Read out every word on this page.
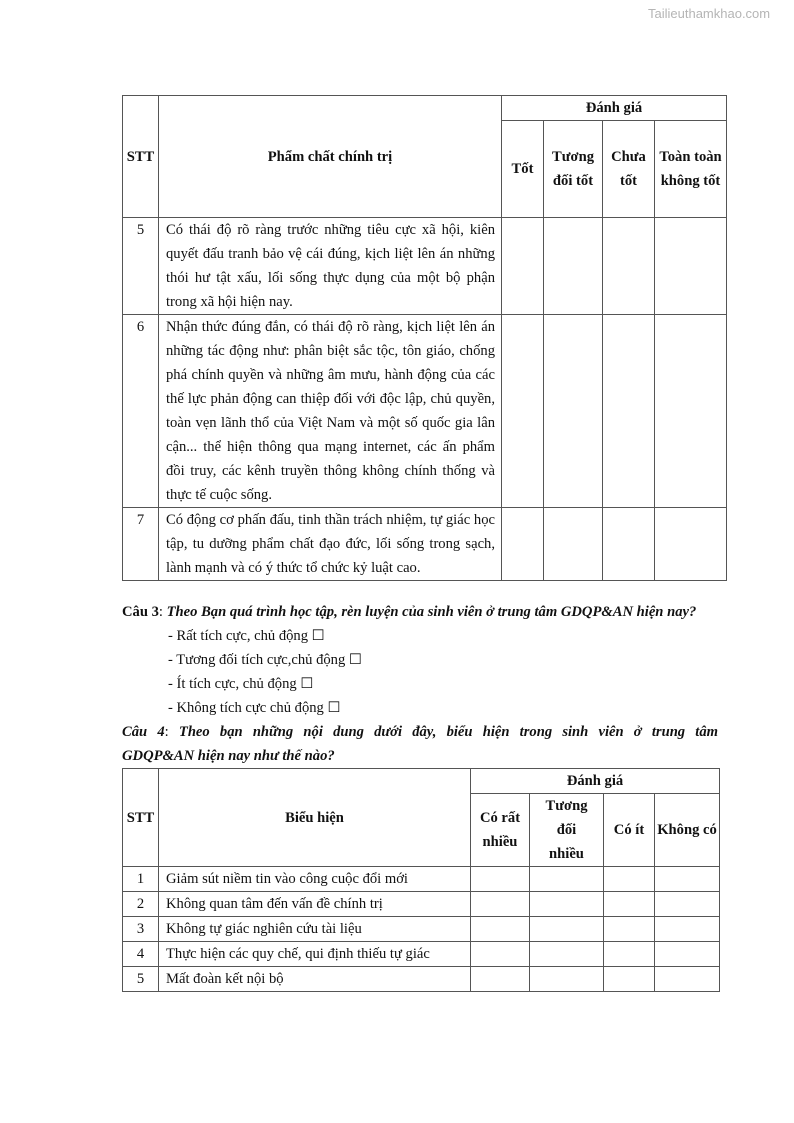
Tailieuthamkhao.com
STT	Phẩm chất chính trị	Đánh giá			
		Tốt	Tương đối tốt	Chưa tốt	Toàn toàn không tốt
5	Có thái độ rõ ràng trước những tiêu cực xã hội, kiên quyết đấu tranh bảo vệ cái đúng, kịch liệt lên án những thói hư tật xấu, lối sống thực dụng của một bộ phận trong xã hội hiện nay.				
6	Nhận thức đúng đắn, có thái độ rõ ràng, kịch liệt lên án những tác động như: phân biệt sắc tộc, tôn giáo, chống phá chính quyền và những âm mưu, hành động của các thế lực phản động can thiệp đối với độc lập, chủ quyền, toàn vẹn lãnh thổ của Việt Nam và một số quốc gia lân cận... thể hiện thông qua mạng internet, các ấn phẩm đồi truy, các kênh truyền thông không chính thống và thực tế cuộc sống.				
7	Có động cơ phấn đấu, tinh thần trách nhiệm, tự giác học tập, tu dưỡng phẩm chất đạo đức, lối sống trong sạch, lành mạnh và có ý thức tổ chức kỷ luật cao.				
Câu 3: Theo Bạn quá trình học tập, rèn luyện của sinh viên ở trung tâm GDQP&AN hiện nay?
- Rất tích cực, chủ động ☐
- Tương đối tích cực,chủ động ☐
- Ít tích cực, chủ động ☐
- Không tích cực chủ động ☐
Câu 4: Theo bạn những nội dung dưới đây, biểu hiện trong sinh viên ở trung tâm
GDQP&AN hiện nay như thế nào?
STT	Biểu hiện	Đánh giá			
		Có rất nhiều	Tương đối nhiều	Có ít	Không có
1	Giảm sút niềm tin vào công cuộc đổi mới				
2	Không quan tâm đến vấn đề chính trị				
3	Không tự giác nghiên cứu tài liệu				
4	Thực hiện các quy chế, qui định thiếu tự giác				
5	Mất đoàn kết nội bộ				
